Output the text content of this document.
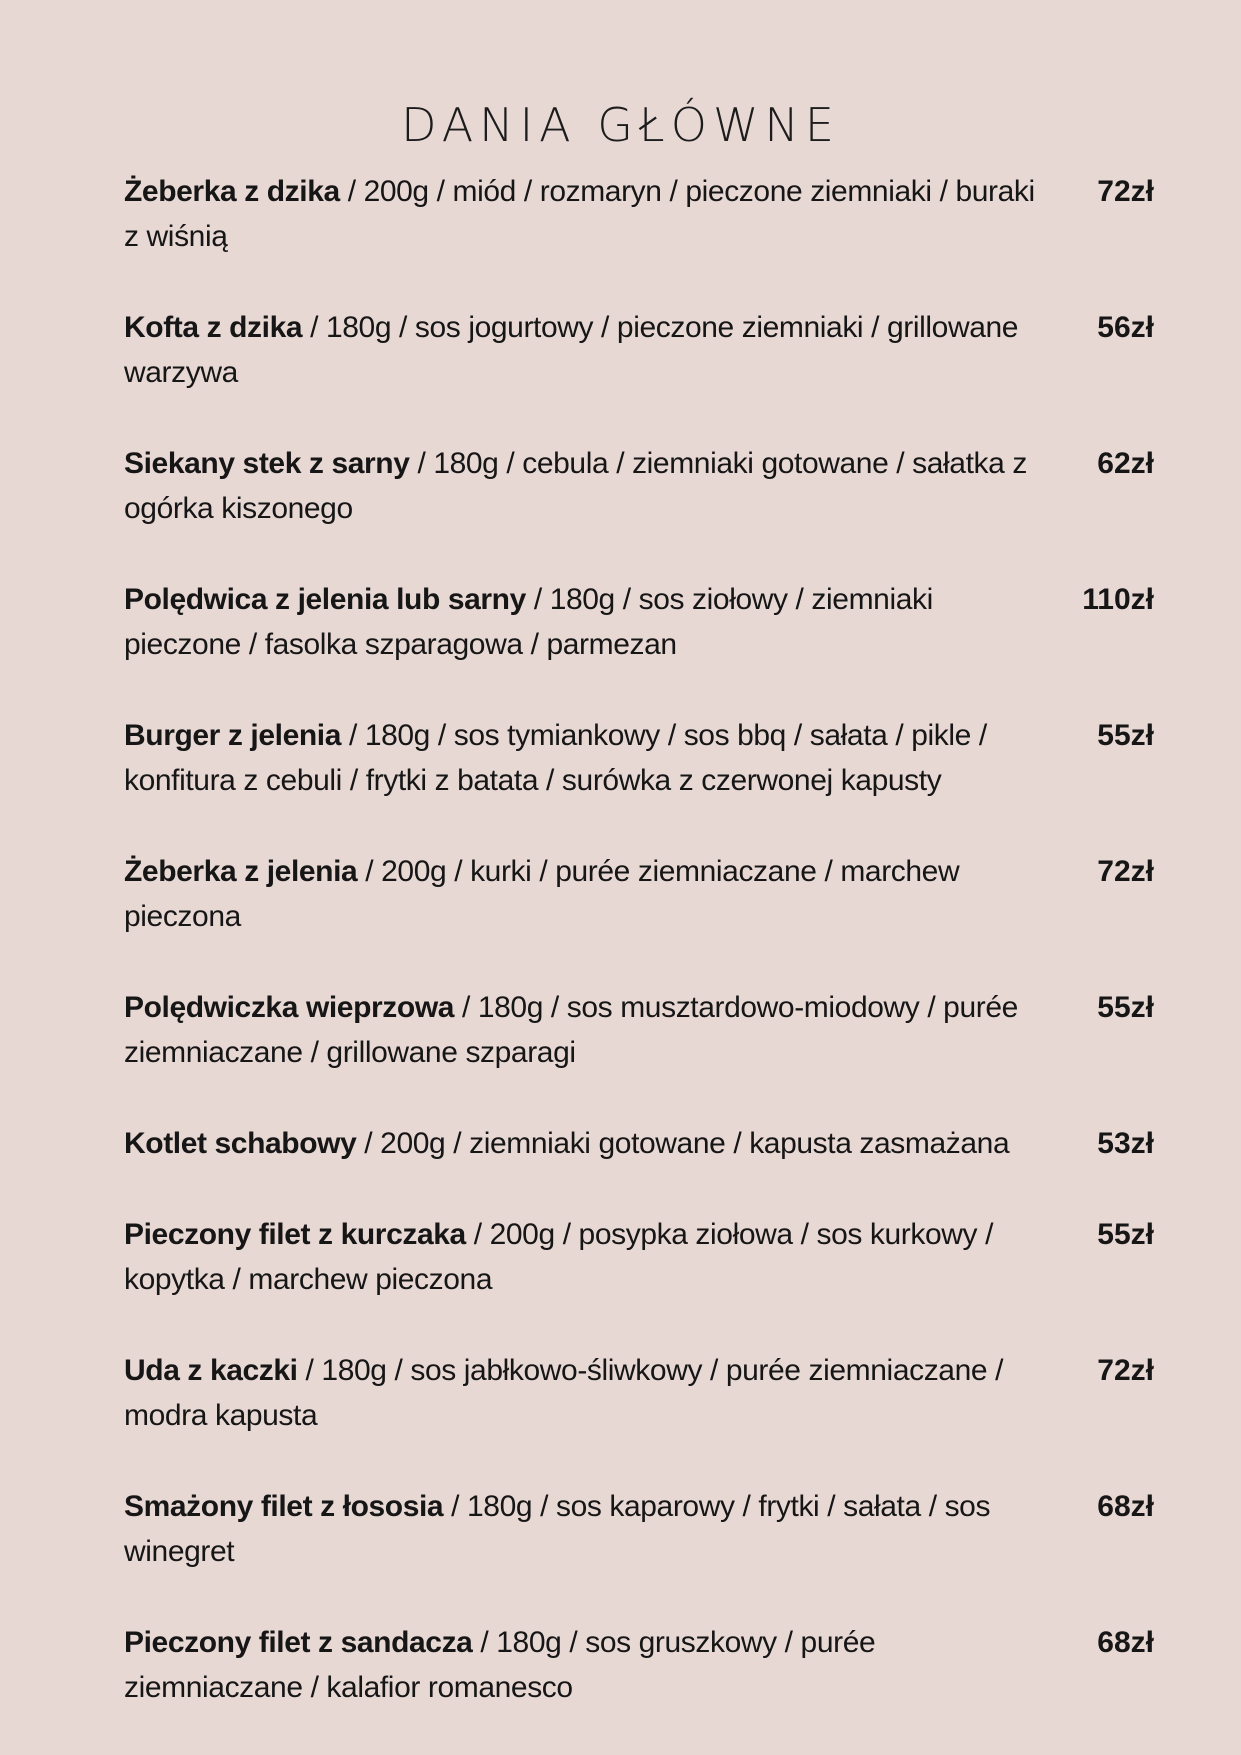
DANIA GŁÓWNE
Żeberka z dzika / 200g / miód / rozmaryn / pieczone ziemniaki / buraki z wiśnią
72zł
Kofta z dzika / 180g / sos jogurtowy / pieczone ziemniaki / grillowane warzywa
56zł
Siekany stek z sarny / 180g / cebula / ziemniaki gotowane / sałatka z ogórka kiszonego
62zł
Polędwica z jelenia lub sarny / 180g / sos ziołowy / ziemniaki pieczone / fasolka szparagowa / parmezan
110zł
Burger z jelenia / 180g / sos tymiankowy / sos bbq / sałata / pikle / konfitura z cebuli / frytki z batata / surówka z czerwonej kapusty
55zł
Żeberka z jelenia / 200g / kurki / purée ziemniaczane / marchew pieczona
72zł
Polędwiczka wieprzowa / 180g / sos musztardowo-miodowy / purée ziemniaczane / grillowane szparagi
55zł
Kotlet schabowy / 200g / ziemniaki gotowane / kapusta zasmażana	53zł
Pieczony filet z kurczaka / 200g / posypka ziołowa / sos kurkowy / kopytka / marchew pieczona
55zł
Uda z kaczki / 180g / sos jabłkowo-śliwkowy / purée ziemniaczane / modra kapusta
72zł
Smażony filet z łososia / 180g / sos kaparowy / frytki / sałata / sos winegret
68zł
Pieczony filet z sandacza / 180g / sos gruszkowy / purée ziemniaczane / kalafior romanesco
68zł
